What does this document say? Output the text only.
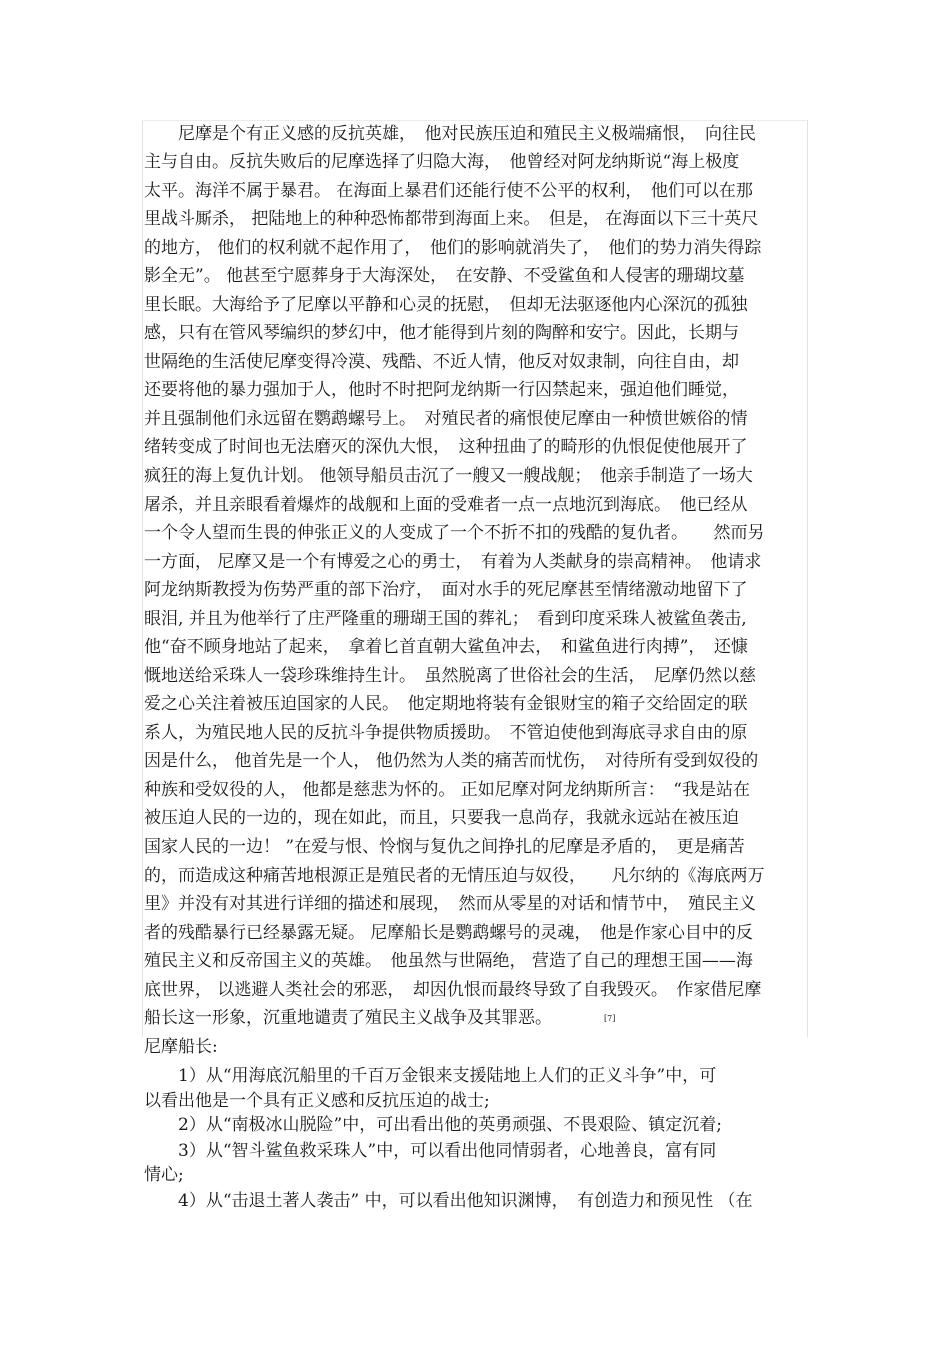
　　尼摩是个有正义感的反抗英雄，　他对民族压迫和殖民主义极端痛恨，　向往民
主与自由。反抗失败后的尼摩选择了归隐大海，　他曾经对阿龙纳斯说“海上极度
太平。海洋不属于暴君。 在海面上暴君们还能行使不公平的权利，　他们可以在那
里战斗厮杀， 把陆地上的种种恐怖都带到海面上来。　但是， 在海面以下三十英尺
的地方， 他们的权利就不起作用了，　他们的影响就消失了，　他们的势力消失得踪
影全无”。 他甚至宁愿葬身于大海深处，　在安静、不受鲨鱼和人侵害的珊瑚坟墓
里长眠。大海给予了尼摩以平静和心灵的抚慰，　但却无法驱逐他内心深沉的孤独
感，只有在管风琴编织的梦幻中，他才能得到片刻的陶醉和安宁。因此，长期与
世隔绝的生活使尼摩变得冷漠、残酷、不近人情，他反对奴隶制，向往自由，却
还要将他的暴力强加于人，他时不时把阿龙纳斯一行囚禁起来，强迫他们睡觉，
并且强制他们永远留在鹦鹉螺号上。　对殖民者的痛恨使尼摩由一种愤世嫉俗的情
绪转变成了时间也无法磨灭的深仇大恨，　这种扭曲了的畸形的仇恨促使他展开了
疯狂的海上复仇计划。 他领导船员击沉了一艘又一艘战舰；　他亲手制造了一场大
屠杀，并且亲眼看着爆炸的战舰和上面的受难者一点一点地沉到海底。　他已经从
一个令人望而生畏的伸张正义的人变成了一个不折不扣的残酷的复仇者。　　然而另
一方面， 尼摩又是一个有博爱之心的勇士，　有着为人类献身的崇高精神。　他请求
阿龙纳斯教授为伤势严重的部下治疗，　面对水手的死尼摩甚至情绪激动地留下了
眼泪, 并且为他举行了庄严隆重的珊瑚王国的葬礼；　看到印度采珠人被鲨鱼袭击,
他“奋不顾身地站了起来，　拿着匕首直朝大鲨鱼冲去，　和鲨鱼进行肉搏”，　还慷
慨地送给采珠人一袋珍珠维持生计。　虽然脱离了世俗社会的生活，　尼摩仍然以慈
爱之心关注着被压迫国家的人民。　他定期地将装有金银财宝的箱子交给固定的联
系人，为殖民地人民的反抗斗争提供物质援助。　不管迫使他到海底寻求自由的原
因是什么， 他首先是一个人， 他仍然为人类的痛苦而忧伤，　对待所有受到奴役的
种族和受奴役的人， 他都是慈悲为怀的。 正如尼摩对阿龙纳斯所言：　“我是站在
被压迫人民的一边的，现在如此，而且，只要我一息尚存，我就永远站在被压迫
国家人民的一边！ ”在爱与恨、怜悯与复仇之间挣扎的尼摩是矛盾的，　更是痛苦
的，而造成这种痛苦地根源正是殖民者的无情压迫与奴役，　　凡尔纳的《海底两万
里》并没有对其进行详细的描述和展现，　然而从零星的对话和情节中，　殖民主义
者的残酷暴行已经暴露无疑。 尼摩船长是鹦鹉螺号的灵魂，　他是作家心目中的反
殖民主义和反帝国主义的英雄。　他虽然与世隔绝， 营造了自己的理想王国——海
底世界， 以逃避人类社会的邪恶，　却因仇恨而最终导致了自我毁灭。　作家借尼摩
船长这一形象，沉重地谴责了殖民主义战争及其罪恶。	[7]
尼摩船长:
　　1）从“用海底沉船里的千百万金银来支援陆地上人们的正义斗争”中，可
以看出他是一个具有正义感和反抗压迫的战士;
　　2）从“南极冰山脱险”中，可出看出他的英勇顽强、不畏艰险、镇定沉着;
　　3）从“智斗鲨鱼救采珠人”中，可以看出他同情弱者，心地善良，富有同
情心;
　　4）从“击退土著人袭击” 中，可以看出他知识渊博，　有创造力和预见性 （在
